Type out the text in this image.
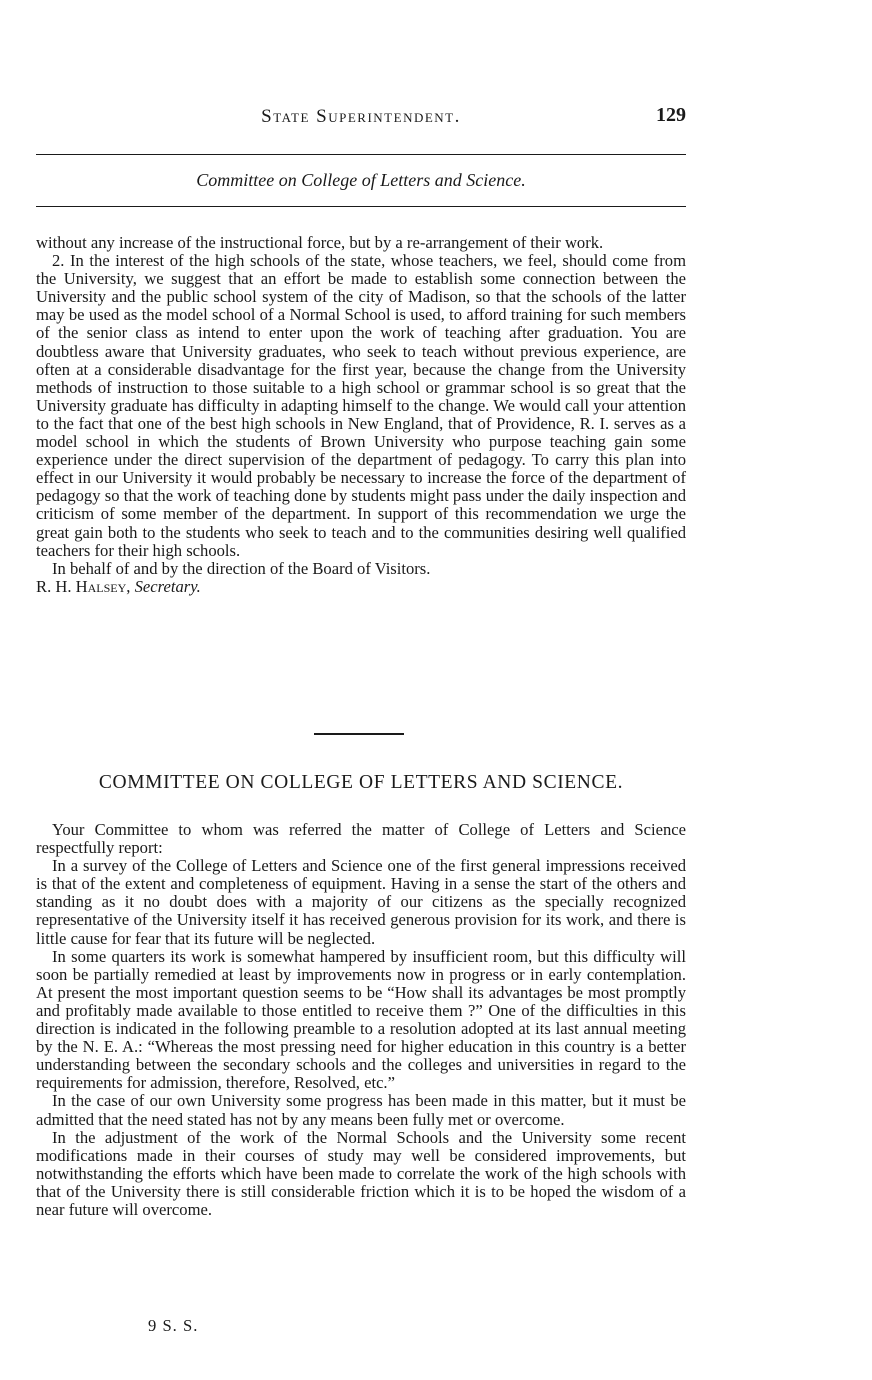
State Superintendent.	129
Committee on College of Letters and Science.

without any increase of the instructional force, but by a re-arrangement of their work.

2. In the interest of the high schools of the state, whose teachers, we feel, should come from the University, we suggest that an effort be made to establish some connection between the University and the public school system of the city of Madison, so that the schools of the latter may be used as the model school of a Normal School is used, to afford training for such members of the senior class as intend to enter upon the work of teaching after graduation. You are doubtless aware that University graduates, who seek to teach without previous experience, are often at a considerable disadvantage for the first year, because the change from the University methods of instruction to those suitable to a high school or grammar school is so great that the University graduate has difficulty in adapting himself to the change. We would call your attention to the fact that one of the best high schools in New England, that of Providence, R. I. serves as a model school in which the students of Brown University who purpose teaching gain some experience under the direct supervision of the department of pedagogy. To carry this plan into effect in our University it would probably be necessary to increase the force of the department of pedagogy so that the work of teaching done by students might pass under the daily inspection and criticism of some member of the department. In support of this recommendation we urge the great gain both to the students who seek to teach and to the communities desiring well qualified teachers for their high schools.

In behalf of and by the direction of the Board of Visitors.

R. H. Halsey, Secretary.

COMMITTEE ON COLLEGE OF LETTERS AND SCIENCE.

Your Committee to whom was referred the matter of College of Letters and Science respectfully report:

In a survey of the College of Letters and Science one of the first general impressions received is that of the extent and completeness of equipment. Having in a sense the start of the others and standing as it no doubt does with a majority of our citizens as the specially recognized representative of the University itself it has received generous provision for its work, and there is little cause for fear that its future will be neglected.

In some quarters its work is somewhat hampered by insufficient room, but this difficulty will soon be partially remedied at least by improvements now in progress or in early contemplation. At present the most important question seems to be “How shall its advantages be most promptly and profitably made available to those entitled to receive them ?” One of the difficulties in this direction is indicated in the following preamble to a resolution adopted at its last annual meeting by the N. E. A.: “Whereas the most pressing need for higher education in this country is a better understanding between the secondary schools and the colleges and universities in regard to the requirements for admission, therefore, Resolved, etc.”

In the case of our own University some progress has been made in this matter, but it must be admitted that the need stated has not by any means been fully met or overcome.

In the adjustment of the work of the Normal Schools and the University some recent modifications made in their courses of study may well be considered improvements, but notwithstanding the efforts which have been made to correlate the work of the high schools with that of the University there is still considerable friction which it is to be hoped the wisdom of a near future will overcome.

9 S. S.
